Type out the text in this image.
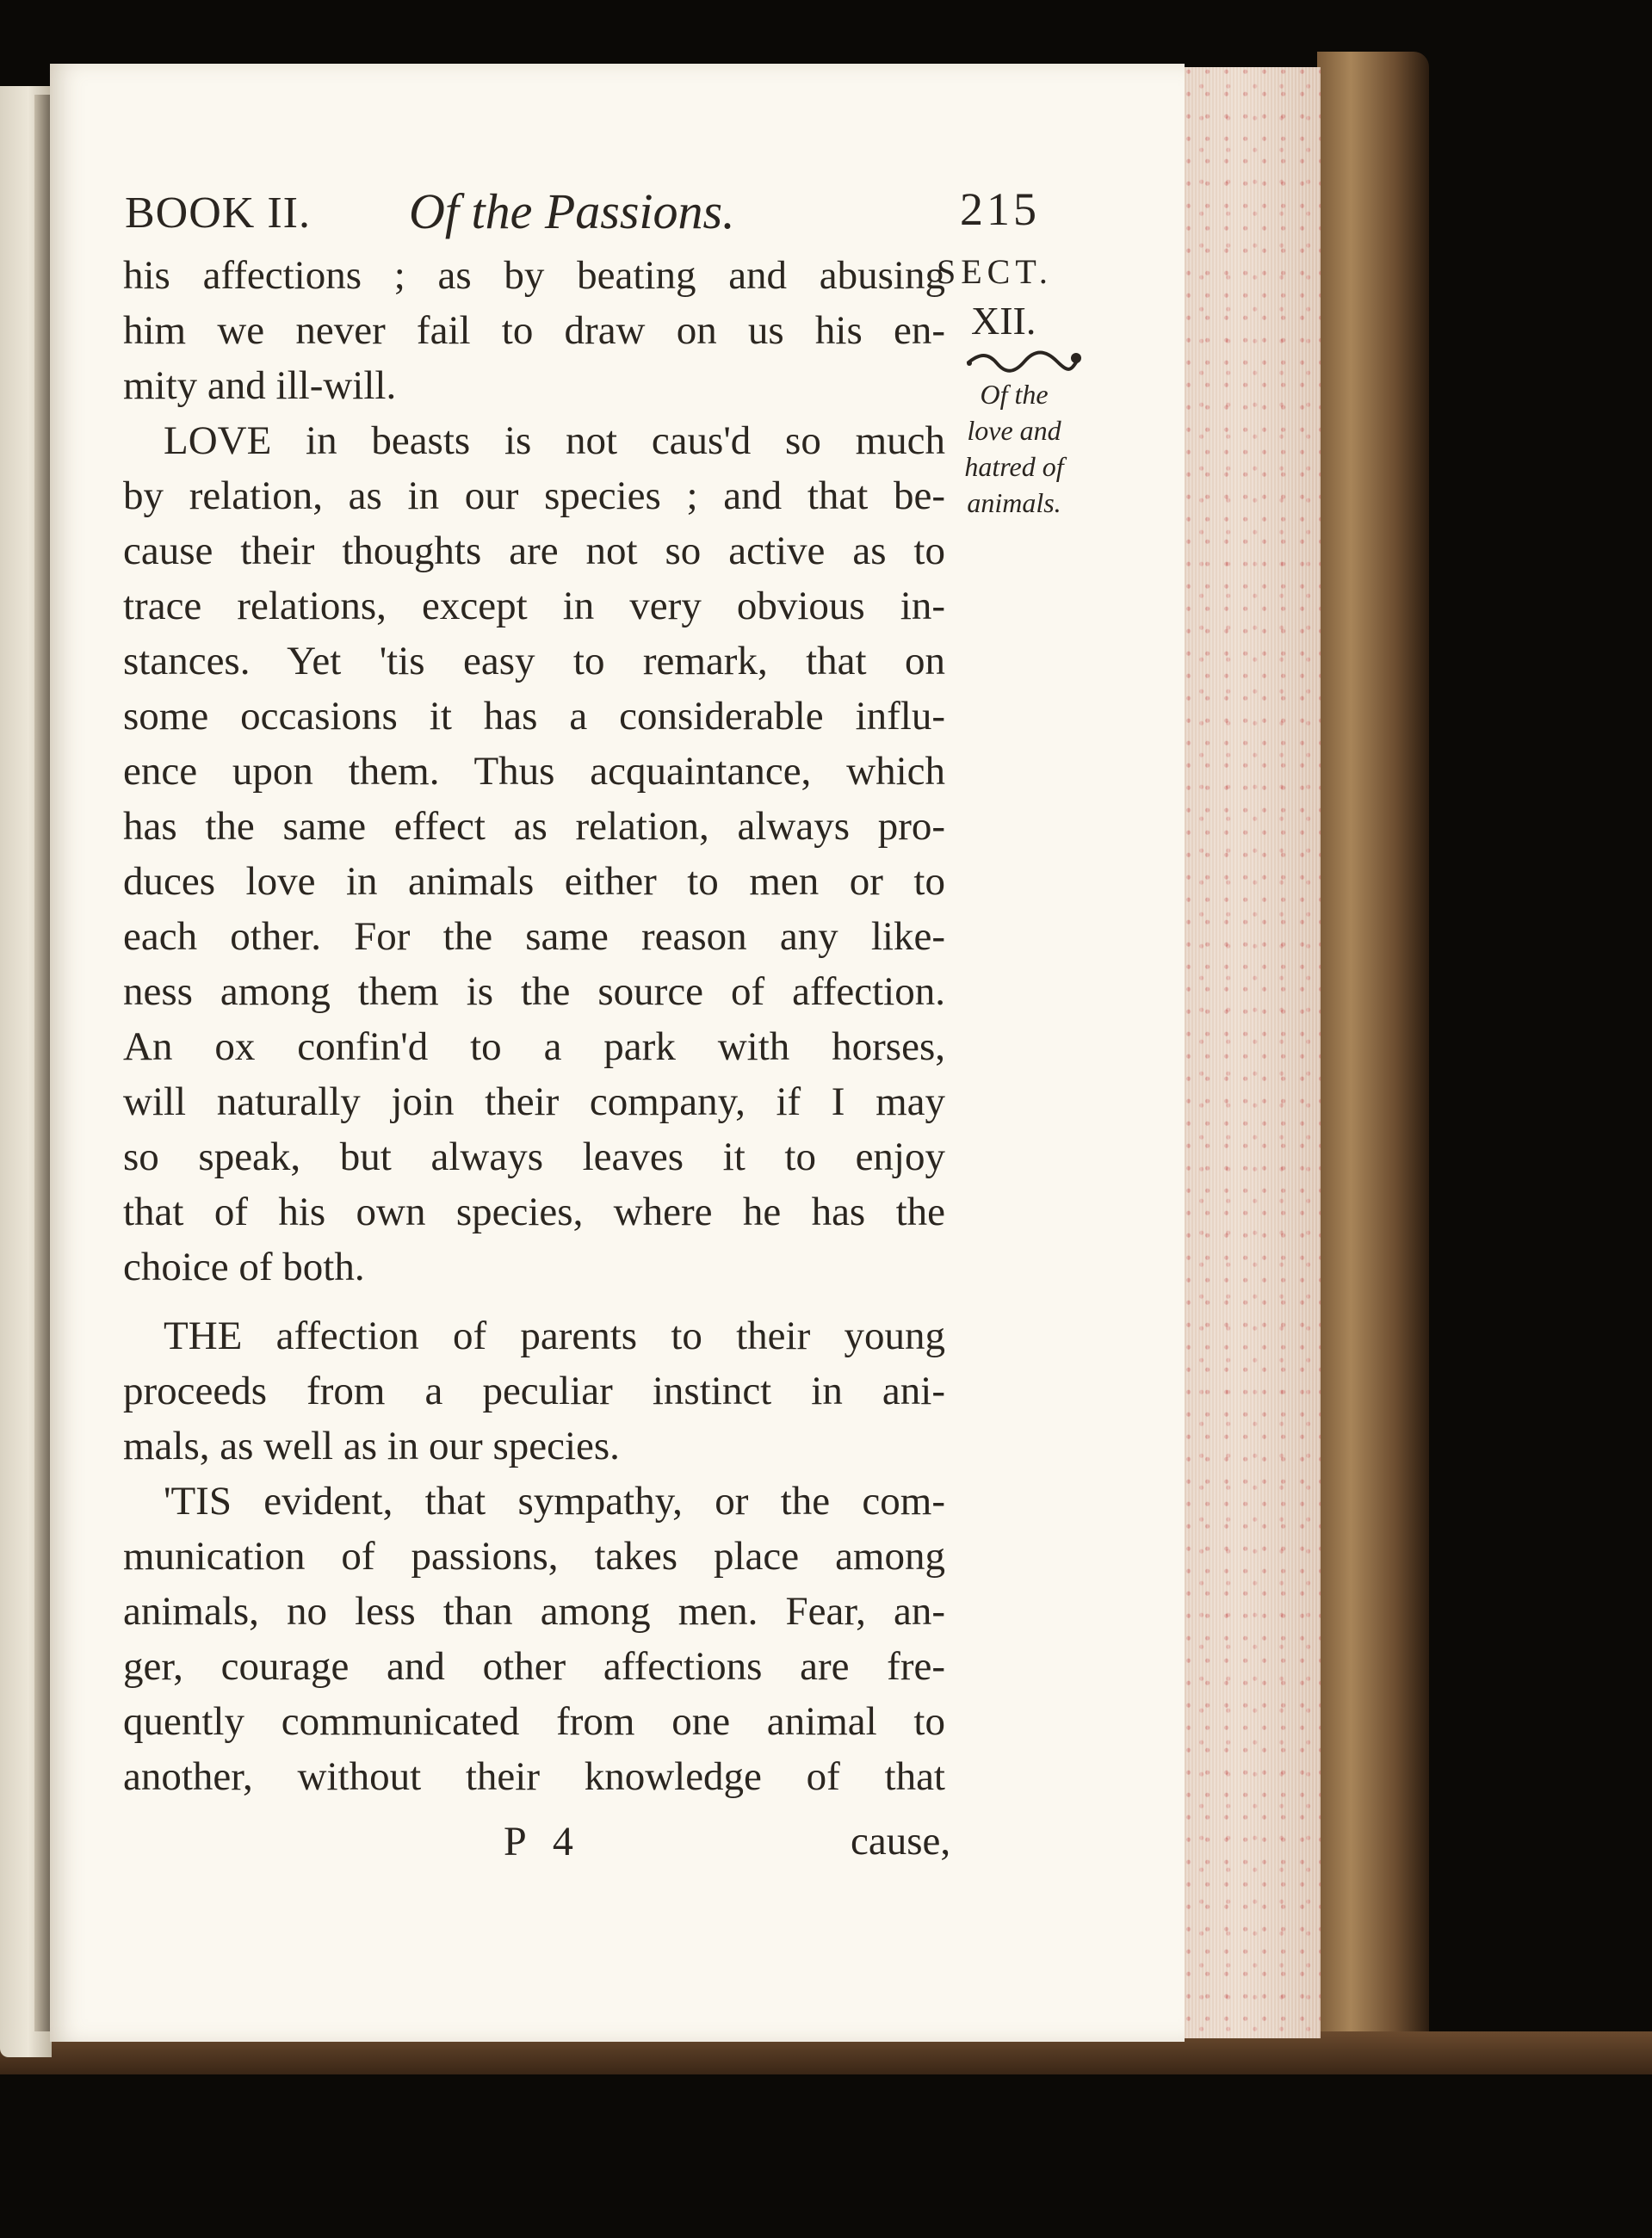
BOOK II. Of the Passions.	215
SECT.
XII.
Of the
love and
hatred of
animals.
his affections ; as by beating and abusing
him we never fail to draw on us his en-
mity and ill-will.
LOVE in beasts is not caus'd so much
by relation, as in our species ; and that be-
cause their thoughts are not so active as to
trace relations, except in very obvious in-
stances. Yet 'tis easy to remark, that on
some occasions it has a considerable influ-
ence upon them. Thus acquaintance, which
has the same effect as relation, always pro-
duces love in animals either to men or to
each other. For the same reason any like-
ness among them is the source of affection.
An ox confin'd to a park with horses,
will naturally join their company, if I may
so speak, but always leaves it to enjoy
that of his own species, where he has the
choice of both.
THE affection of parents to their young
proceeds from a peculiar instinct in ani-
mals, as well as in our species.
'TIS evident, that sympathy, or the com-
munication of passions, takes place among
animals, no less than among men. Fear, an-
ger, courage and other affections are fre-
quently communicated from one animal to
another, without their knowledge of that
P 4	cause,
